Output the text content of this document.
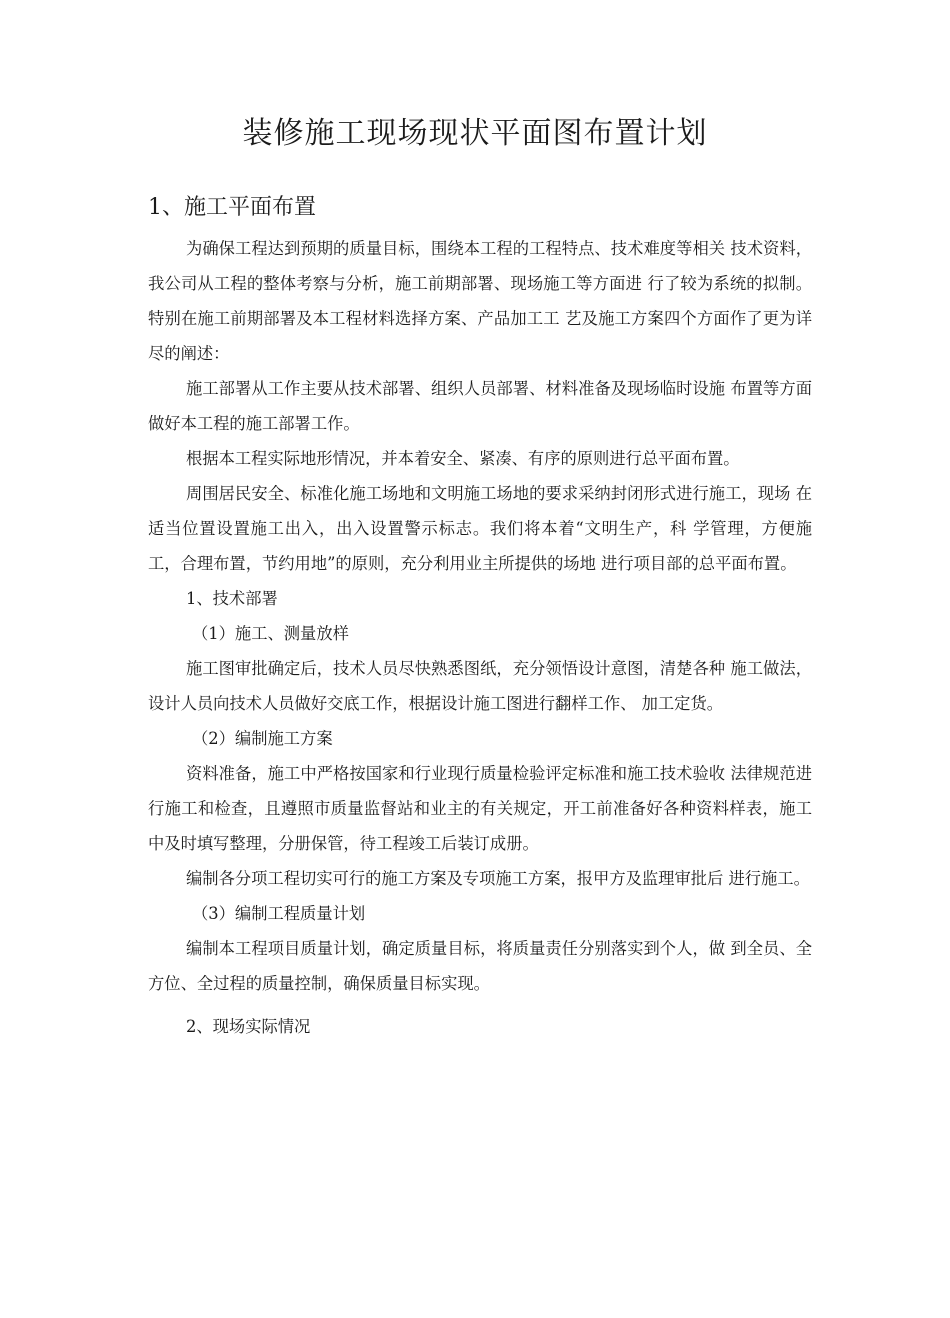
装修施工现场现状平面图布置计划
1、施工平面布置

为确保工程达到预期的质量目标，围绕本工程的工程特点、技术难度等相关 技术资料，我公司从工程的整体考察与分析，施工前期部署、现场施工等方面进 行了较为系统的拟制。特别在施工前期部署及本工程材料选择方案、产品加工工 艺及施工方案四个方面作了更为详尽的阐述：

施工部署从工作主要从技术部署、组织人员部署、材料准备及现场临时设施 布置等方面做好本工程的施工部署工作。

根据本工程实际地形情况，并本着安全、紧凑、有序的原则进行总平面布置。

周围居民安全、标准化施工场地和文明施工场地的要求采纳封闭形式进行施工，现场 在适当位置设置施工出入，出入设置警示标志。我们将本着“文明生产，科 学管理，方便施工，合理布置，节约用地”的原则，充分利用业主所提供的场地 进行项目部的总平面布置。

1、技术部署

（1）施工、测量放样

施工图审批确定后，技术人员尽快熟悉图纸，充分领悟设计意图，清楚各种 施工做法，设计人员向技术人员做好交底工作，根据设计施工图进行翻样工作、 加工定货。

（2）编制施工方案

资料准备，施工中严格按国家和行业现行质量检验评定标准和施工技术验收 法律规范进行施工和检查，且遵照市质量监督站和业主的有关规定，开工前准备好各种资料样表，施工中及时填写整理，分册保管，待工程竣工后装订成册。

编制各分项工程切实可行的施工方案及专项施工方案，报甲方及监理审批后 进行施工。

（3）编制工程质量计划

编制本工程项目质量计划，确定质量目标，将质量责任分别落实到个人，做 到全员、全方位、全过程的质量控制，确保质量目标实现。

2、现场实际情况
